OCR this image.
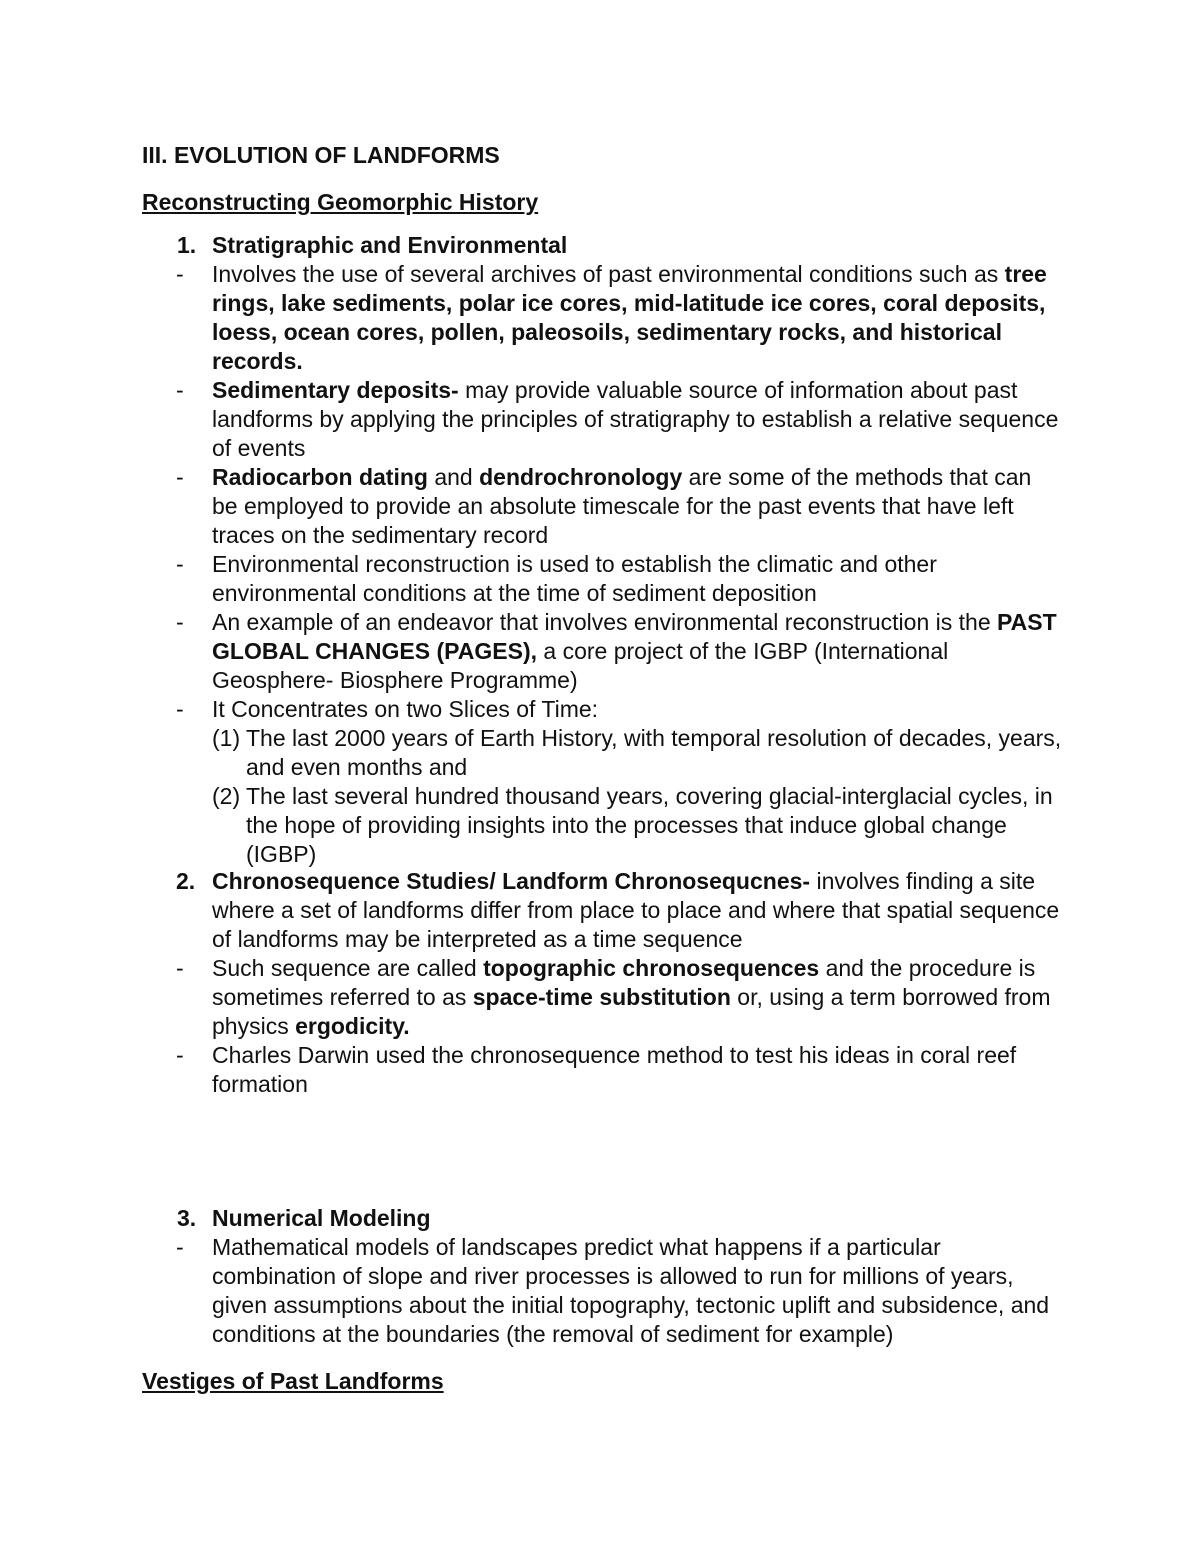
III. EVOLUTION OF LANDFORMS
Reconstructing Geomorphic History
1. Stratigraphic and Environmental
- Involves the use of several archives of past environmental conditions such as tree rings, lake sediments, polar ice cores, mid-latitude ice cores, coral deposits, loess, ocean cores, pollen, paleosoils, sedimentary rocks, and historical records.
- Sedimentary deposits- may provide valuable source of information about past landforms by applying the principles of stratigraphy to establish a relative sequence of events
- Radiocarbon dating and dendrochronology are some of the methods that can be employed to provide an absolute timescale for the past events that have left traces on the sedimentary record
- Environmental reconstruction is used to establish the climatic and other environmental conditions at the time of sediment deposition
- An example of an endeavor that involves environmental reconstruction is the PAST GLOBAL CHANGES (PAGES), a core project of the IGBP (International Geosphere- Biosphere Programme)
- It Concentrates on two Slices of Time:
(1) The last 2000 years of Earth History, with temporal resolution of decades, years, and even months and
(2) The last several hundred thousand years, covering glacial-interglacial cycles, in the hope of providing insights into the processes that induce global change (IGBP)
2. Chronosequence Studies/ Landform Chronosequcnes- involves finding a site where a set of landforms differ from place to place and where that spatial sequence of landforms may be interpreted as a time sequence
- Such sequence are called topographic chronosequences and the procedure is sometimes referred to as space-time substitution or, using a term borrowed from physics ergodicity.
- Charles Darwin used the chronosequence method to test his ideas in coral reef formation
3. Numerical Modeling
- Mathematical models of landscapes predict what happens if a particular combination of slope and river processes is allowed to run for millions of years, given assumptions about the initial topography, tectonic uplift and subsidence, and conditions at the boundaries (the removal of sediment for example)
Vestiges of Past Landforms
